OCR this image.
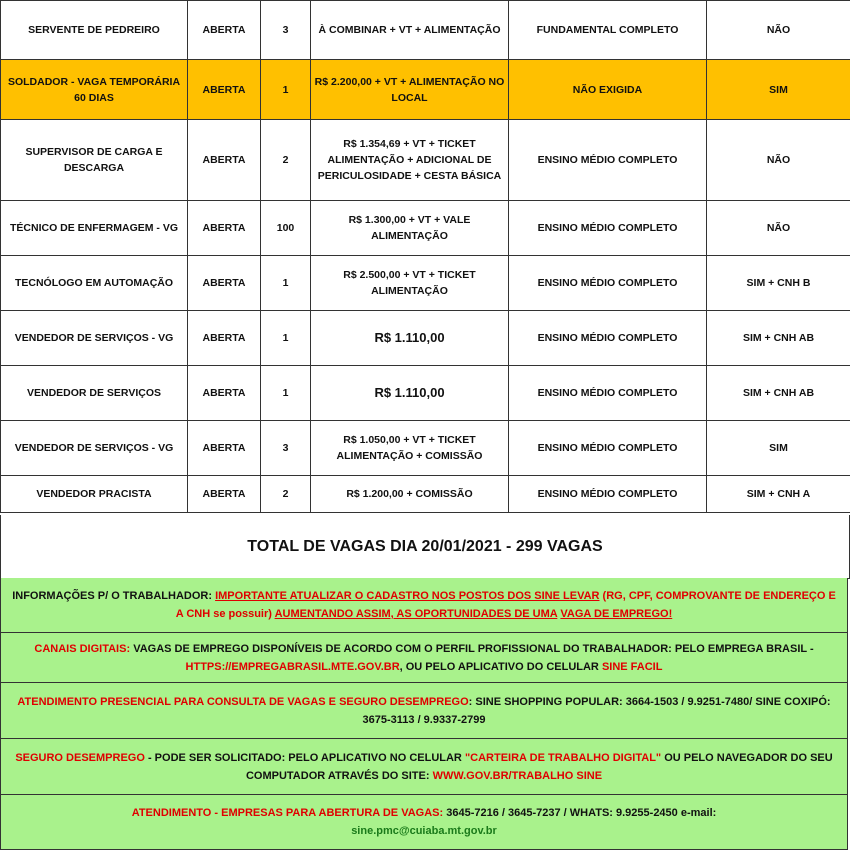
SERVENTE DE PEDREIRO	ABERTA	3	À COMBINAR + VT + ALIMENTAÇÃO	FUNDAMENTAL COMPLETO	NÃO
SOLDADOR - VAGA TEMPORÁRIA 60 DIAS	ABERTA	1	R$ 2.200,00 + VT + ALIMENTAÇÃO NO LOCAL	NÃO EXIGIDA	SIM
SUPERVISOR DE CARGA E DESCARGA	ABERTA	2	R$ 1.354,69 + VT + TICKET ALIMENTAÇÃO + ADICIONAL DE PERICULOSIDADE + CESTA BÁSICA	ENSINO MÉDIO COMPLETO	NÃO
TÉCNICO DE ENFERMAGEM - VG	ABERTA	100	R$ 1.300,00 + VT + VALE ALIMENTAÇÃO	ENSINO MÉDIO COMPLETO	NÃO
TECNÓLOGO EM AUTOMAÇÃO	ABERTA	1	R$ 2.500,00 + VT + TICKET ALIMENTAÇÃO	ENSINO MÉDIO COMPLETO	SIM + CNH B
VENDEDOR DE SERVIÇOS - VG	ABERTA	1	R$ 1.110,00	ENSINO MÉDIO COMPLETO	SIM + CNH AB
VENDEDOR DE SERVIÇOS	ABERTA	1	R$ 1.110,00	ENSINO MÉDIO COMPLETO	SIM + CNH AB
VENDEDOR DE SERVIÇOS - VG	ABERTA	3	R$ 1.050,00 + VT + TICKET ALIMENTAÇÃO + COMISSÃO	ENSINO MÉDIO COMPLETO	SIM
VENDEDOR PRACISTA	ABERTA	2	R$ 1.200,00 + COMISSÃO	ENSINO MÉDIO COMPLETO	SIM + CNH A
TOTAL DE VAGAS DIA 20/01/2021 - 299 VAGAS

INFORMAÇÕES P/ O TRABALHADOR: IMPORTANTE ATUALIZAR O CADASTRO NOS POSTOS DOS SINE LEVAR (RG, CPF, COMPROVANTE DE ENDEREÇO E A CNH se possuir) AUMENTANDO ASSIM, AS OPORTUNIDADES DE UMA VAGA DE EMPREGO!

CANAIS DIGITAIS: VAGAS DE EMPREGO DISPONÍVEIS DE ACORDO COM O PERFIL PROFISSIONAL DO TRABALHADOR: PELO EMPREGA BRASIL - HTTPS://EMPREGABRASIL.MTE.GOV.BR, OU PELO APLICATIVO DO CELULAR SINE FACIL

ATENDIMENTO PRESENCIAL PARA CONSULTA DE VAGAS E SEGURO DESEMPREGO: SINE SHOPPING POPULAR: 3664-1503 / 9.9251-7480/ SINE COXIPÓ: 3675-3113 / 9.9337-2799

SEGURO DESEMPREGO - PODE SER SOLICITADO: PELO APLICATIVO NO CELULAR "CARTEIRA DE TRABALHO DIGITAL" OU PELO NAVEGADOR DO SEU COMPUTADOR ATRAVÉS DO SITE: WWW.GOV.BR/TRABALHO SINE

ATENDIMENTO - EMPRESAS PARA ABERTURA DE VAGAS: 3645-7216 / 3645-7237 / WHATS: 9.9255-2450 e-mail:
sine.pmc@cuiaba.mt.gov.br
